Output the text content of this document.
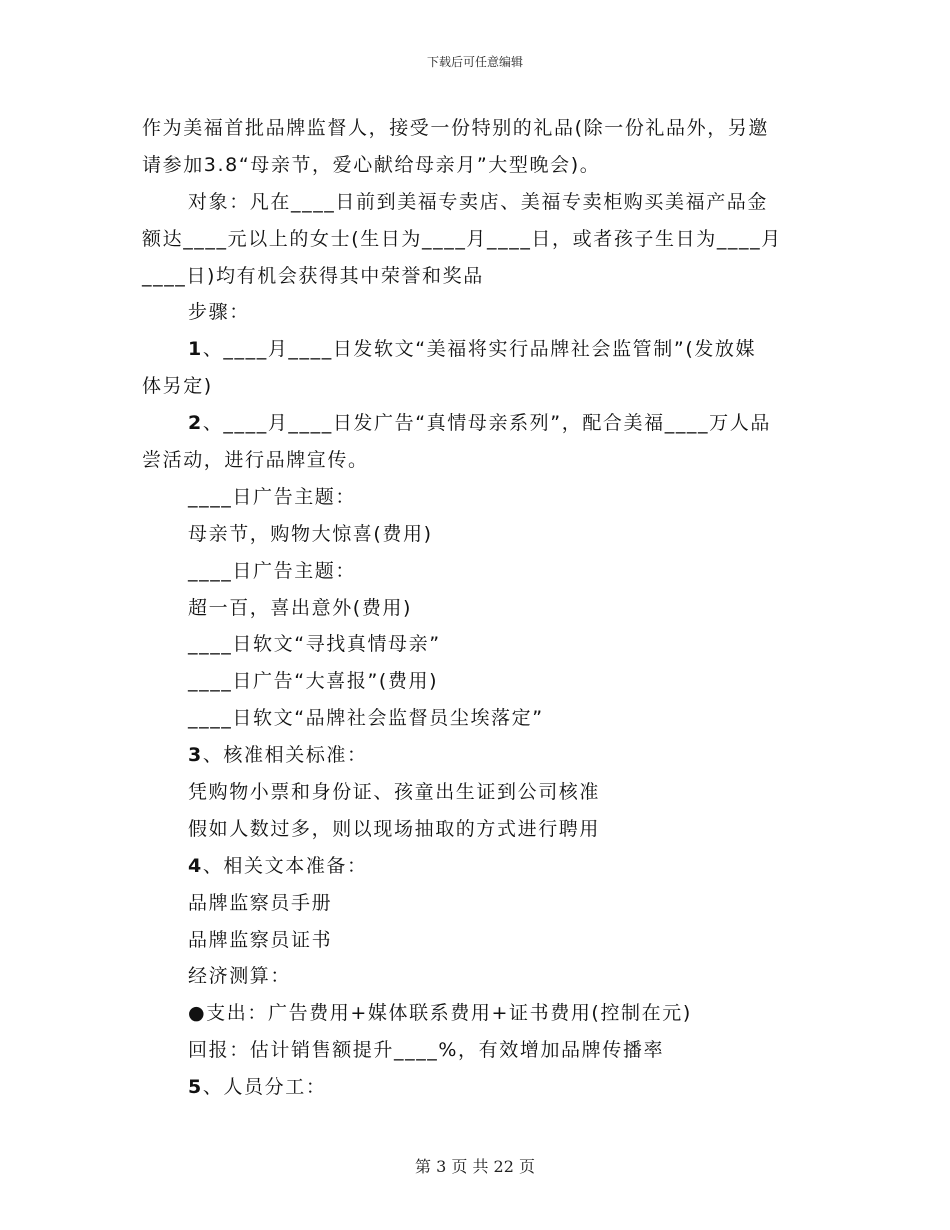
下载后可任意编辑
作为美福首批品牌监督人，接受一份特别的礼品(除一份礼品外，另邀
请参加3.8“母亲节，爱心献给母亲月”大型晚会)。
对象：凡在____日前到美福专卖店、美福专卖柜购买美福产品金
额达____元以上的女士(生日为____月____日，或者孩子生日为____月
____日)均有机会获得其中荣誉和奖品
步骤：
1、____月____日发软文“美福将实行品牌社会监管制”(发放媒
体另定)
2、____月____日发广告“真情母亲系列”，配合美福____万人品
尝活动，进行品牌宣传。
____日广告主题：
母亲节，购物大惊喜(费用)
____日广告主题：
超一百，喜出意外(费用)
____日软文“寻找真情母亲”
____日广告“大喜报”(费用)
____日软文“品牌社会监督员尘埃落定”
3、核准相关标准：
凭购物小票和身份证、孩童出生证到公司核准
假如人数过多，则以现场抽取的方式进行聘用
4、相关文本准备：
品牌监察员手册
品牌监察员证书
经济测算：
●支出：广告费用+媒体联系费用+证书费用(控制在元)
回报：估计销售额提升____%，有效增加品牌传播率
5、人员分工：
第 3 页 共 22 页
